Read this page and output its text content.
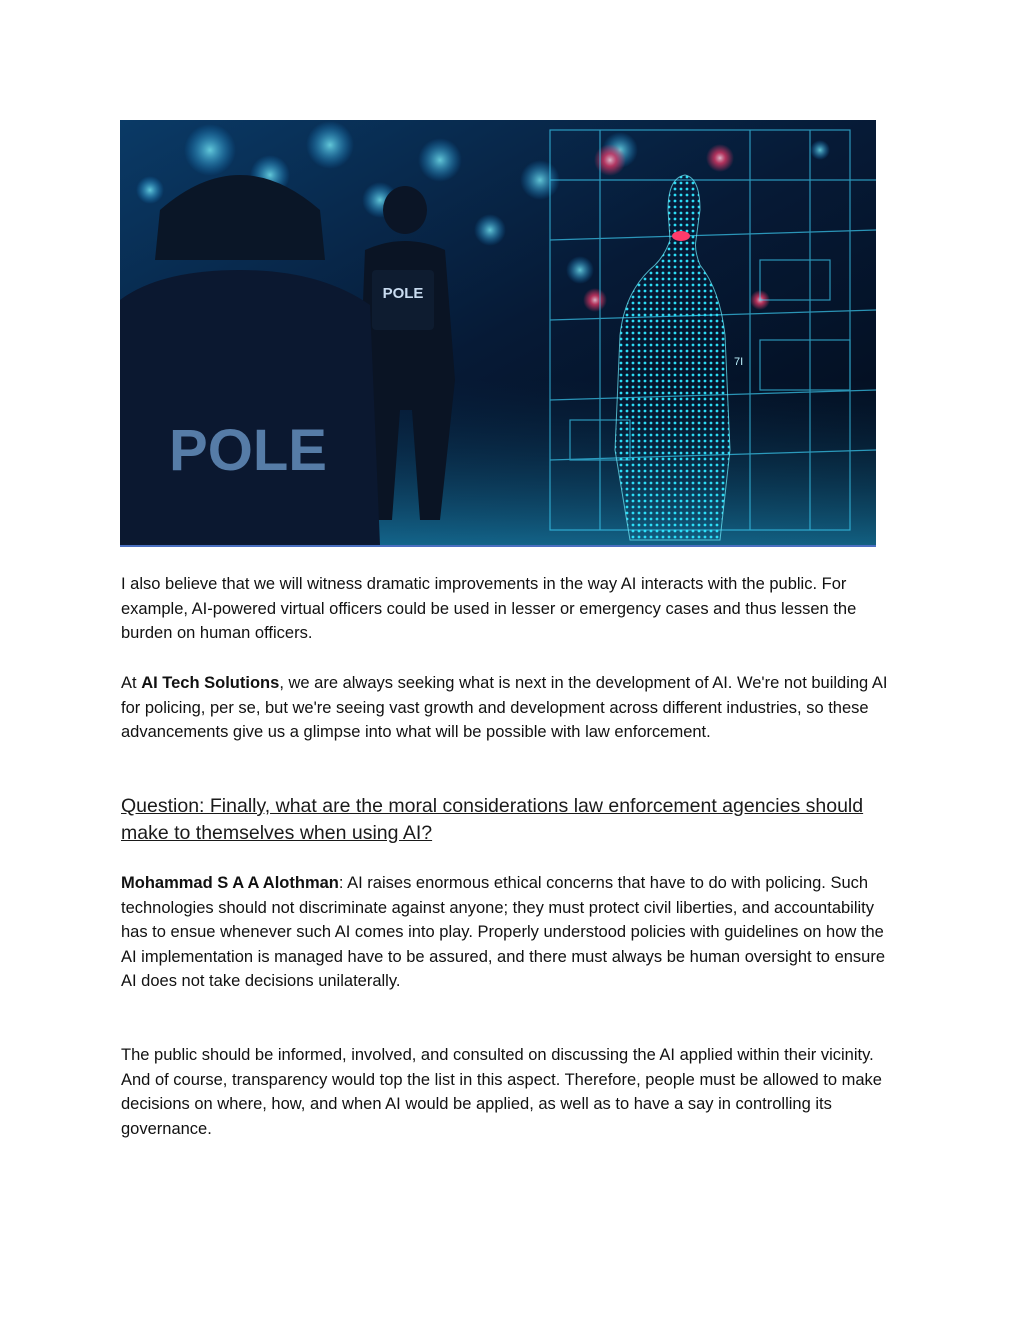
7I
POLE
POLE

I also believe that we will witness dramatic improvements in the way AI interacts with the public. For example, AI-powered virtual officers could be used in lesser or emergency cases and thus lessen the burden on human officers.

At AI Tech Solutions, we are always seeking what is next in the development of AI. We're not building AI for policing, per se, but we're seeing vast growth and development across different industries, so these advancements give us a glimpse into what will be possible with law enforcement.

Question: Finally, what are the moral considerations law enforcement agencies should make to themselves when using AI?

Mohammad S A A Alothman: AI raises enormous ethical concerns that have to do with policing. Such technologies should not discriminate against anyone; they must protect civil liberties, and accountability has to ensue whenever such AI comes into play. Properly understood policies with guidelines on how the AI implementation is managed have to be assured, and there must always be human oversight to ensure AI does not take decisions unilaterally.

The public should be informed, involved, and consulted on discussing the AI applied within their vicinity. And of course, transparency would top the list in this aspect. Therefore, people must be allowed to make decisions on where, how, and when AI would be applied, as well as to have a say in controlling its governance.
